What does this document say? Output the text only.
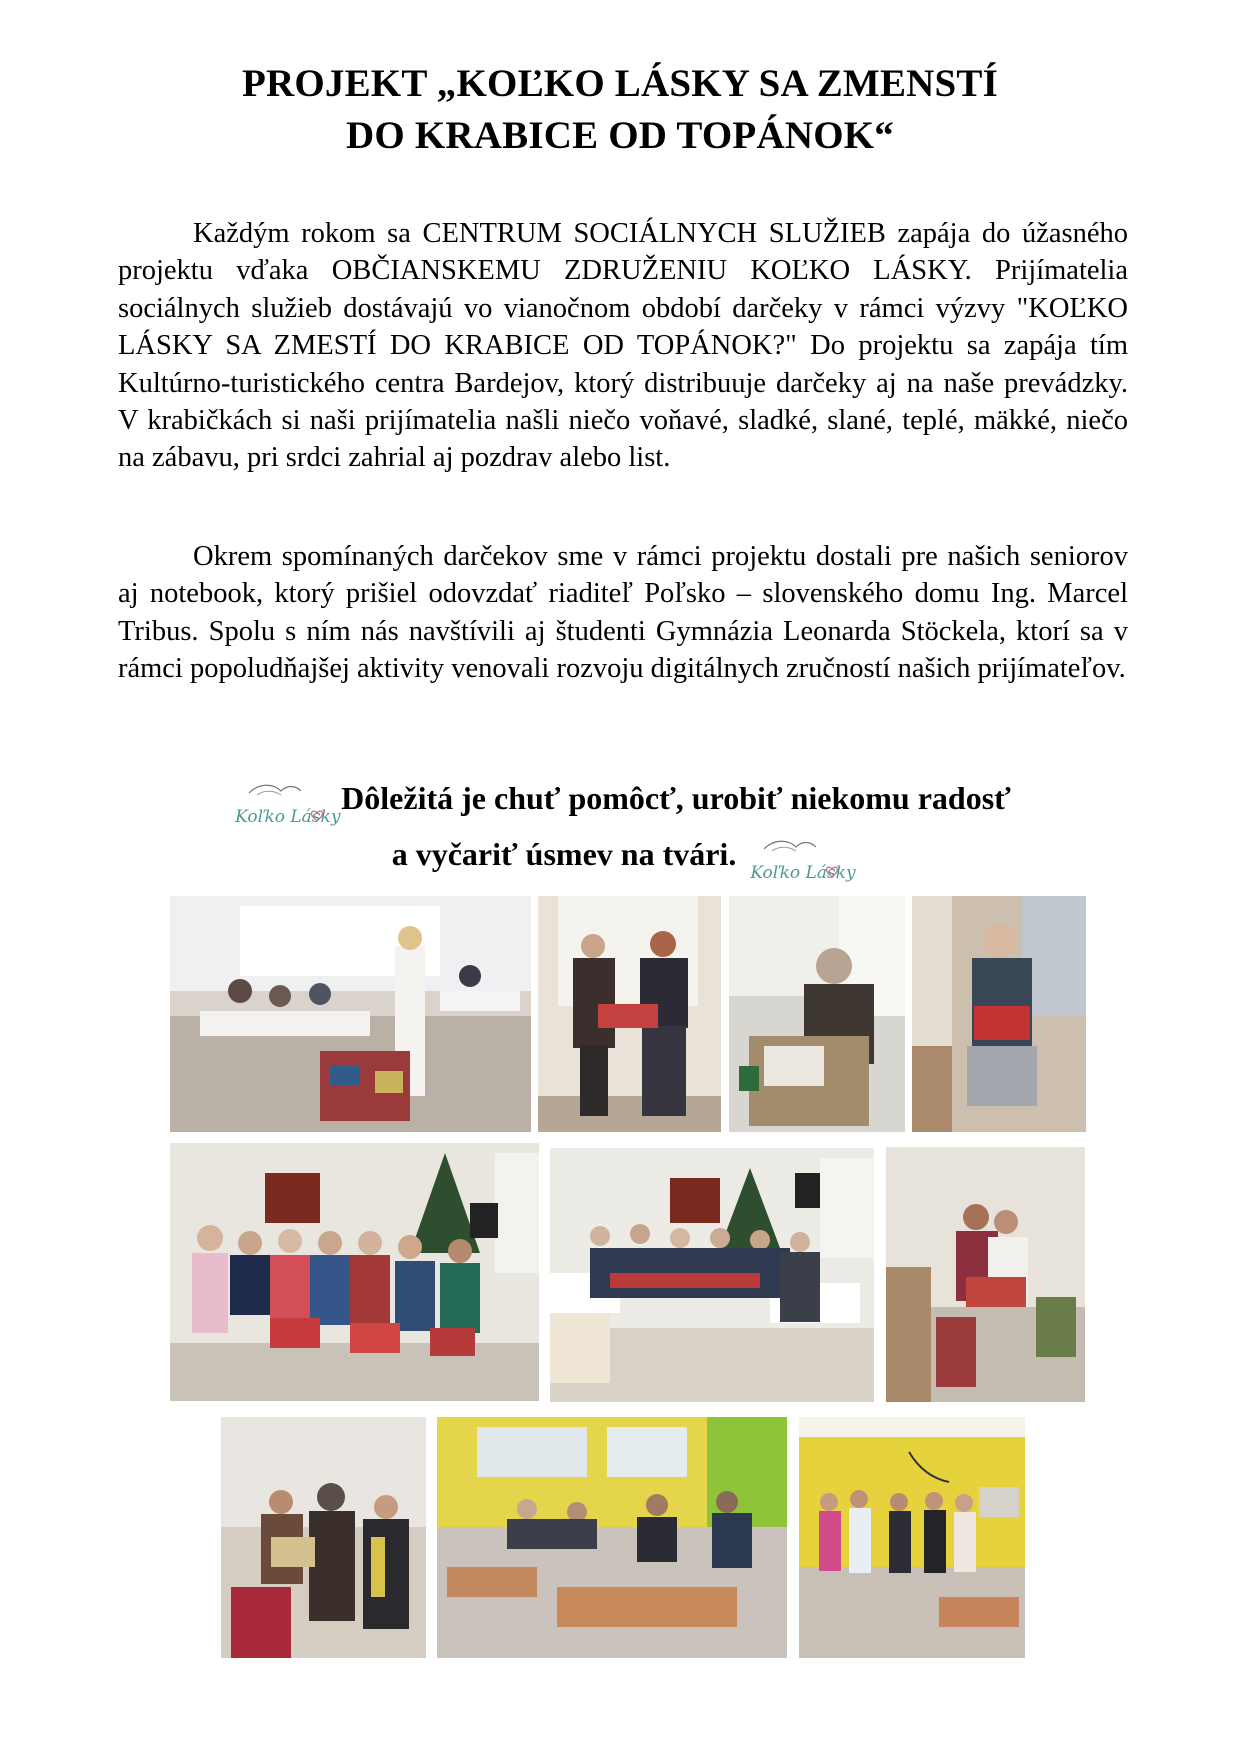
PROJEKT „KOĽKO LÁSKY SA ZMENSTÍ
DO KRABICE OD TOPÁNOK“

Každým rokom sa CENTRUM SOCIÁLNYCH SLUŽIEB zapája do úžasného projektu vďaka OBČIANSKEMU ZDRUŽENIU KOĽKO LÁSKY. Prijímatelia sociálnych služieb dostávajú vo vianočnom období darčeky v rámci výzvy "KOĽKO LÁSKY SA ZMESTÍ DO KRABICE OD TOPÁNOK?" Do projektu sa zapája tím Kultúrno-turistického centra Bardejov, ktorý distribuuje darčeky aj na naše prevádzky. V krabičkách si naši prijímatelia našli niečo voňavé, sladké, slané, teplé, mäkké, niečo na zábavu, pri srdci zahrial aj pozdrav alebo list.

Okrem spomínaných darčekov sme v rámci projektu dostali pre našich seniorov aj notebook, ktorý prišiel odovzdať riaditeľ Poľsko – slovenského domu Ing. Marcel Tribus. Spolu s ním nás navštívili aj študenti Gymnázia Leonarda Stöckela, ktorí sa v rámci popoludňajšej aktivity venovali rozvoju digitálnych zručností našich prijímateľov.

Koľko Lásky
Dôležitá je chuť pomôcť, urobiť niekomu radosť
a vyčariť úsmev na tvári.
Koľko Lásky
